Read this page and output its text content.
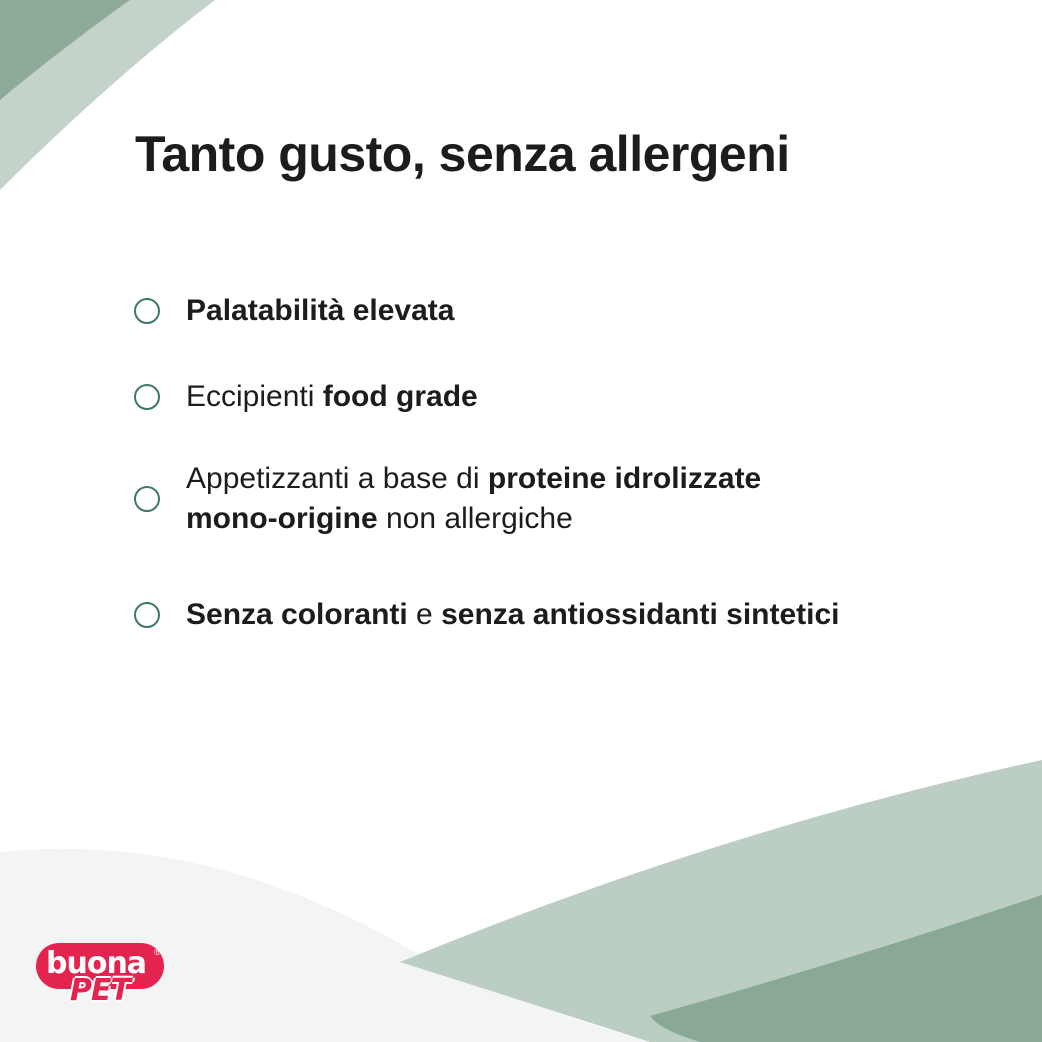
Tanto gusto, senza allergeni
Palatabilità elevata
Eccipienti food grade
Appetizzanti a base di proteine idrolizzate
mono-origine non allergiche
Senza coloranti e senza antiossidanti sintetici
buona ®
PET
